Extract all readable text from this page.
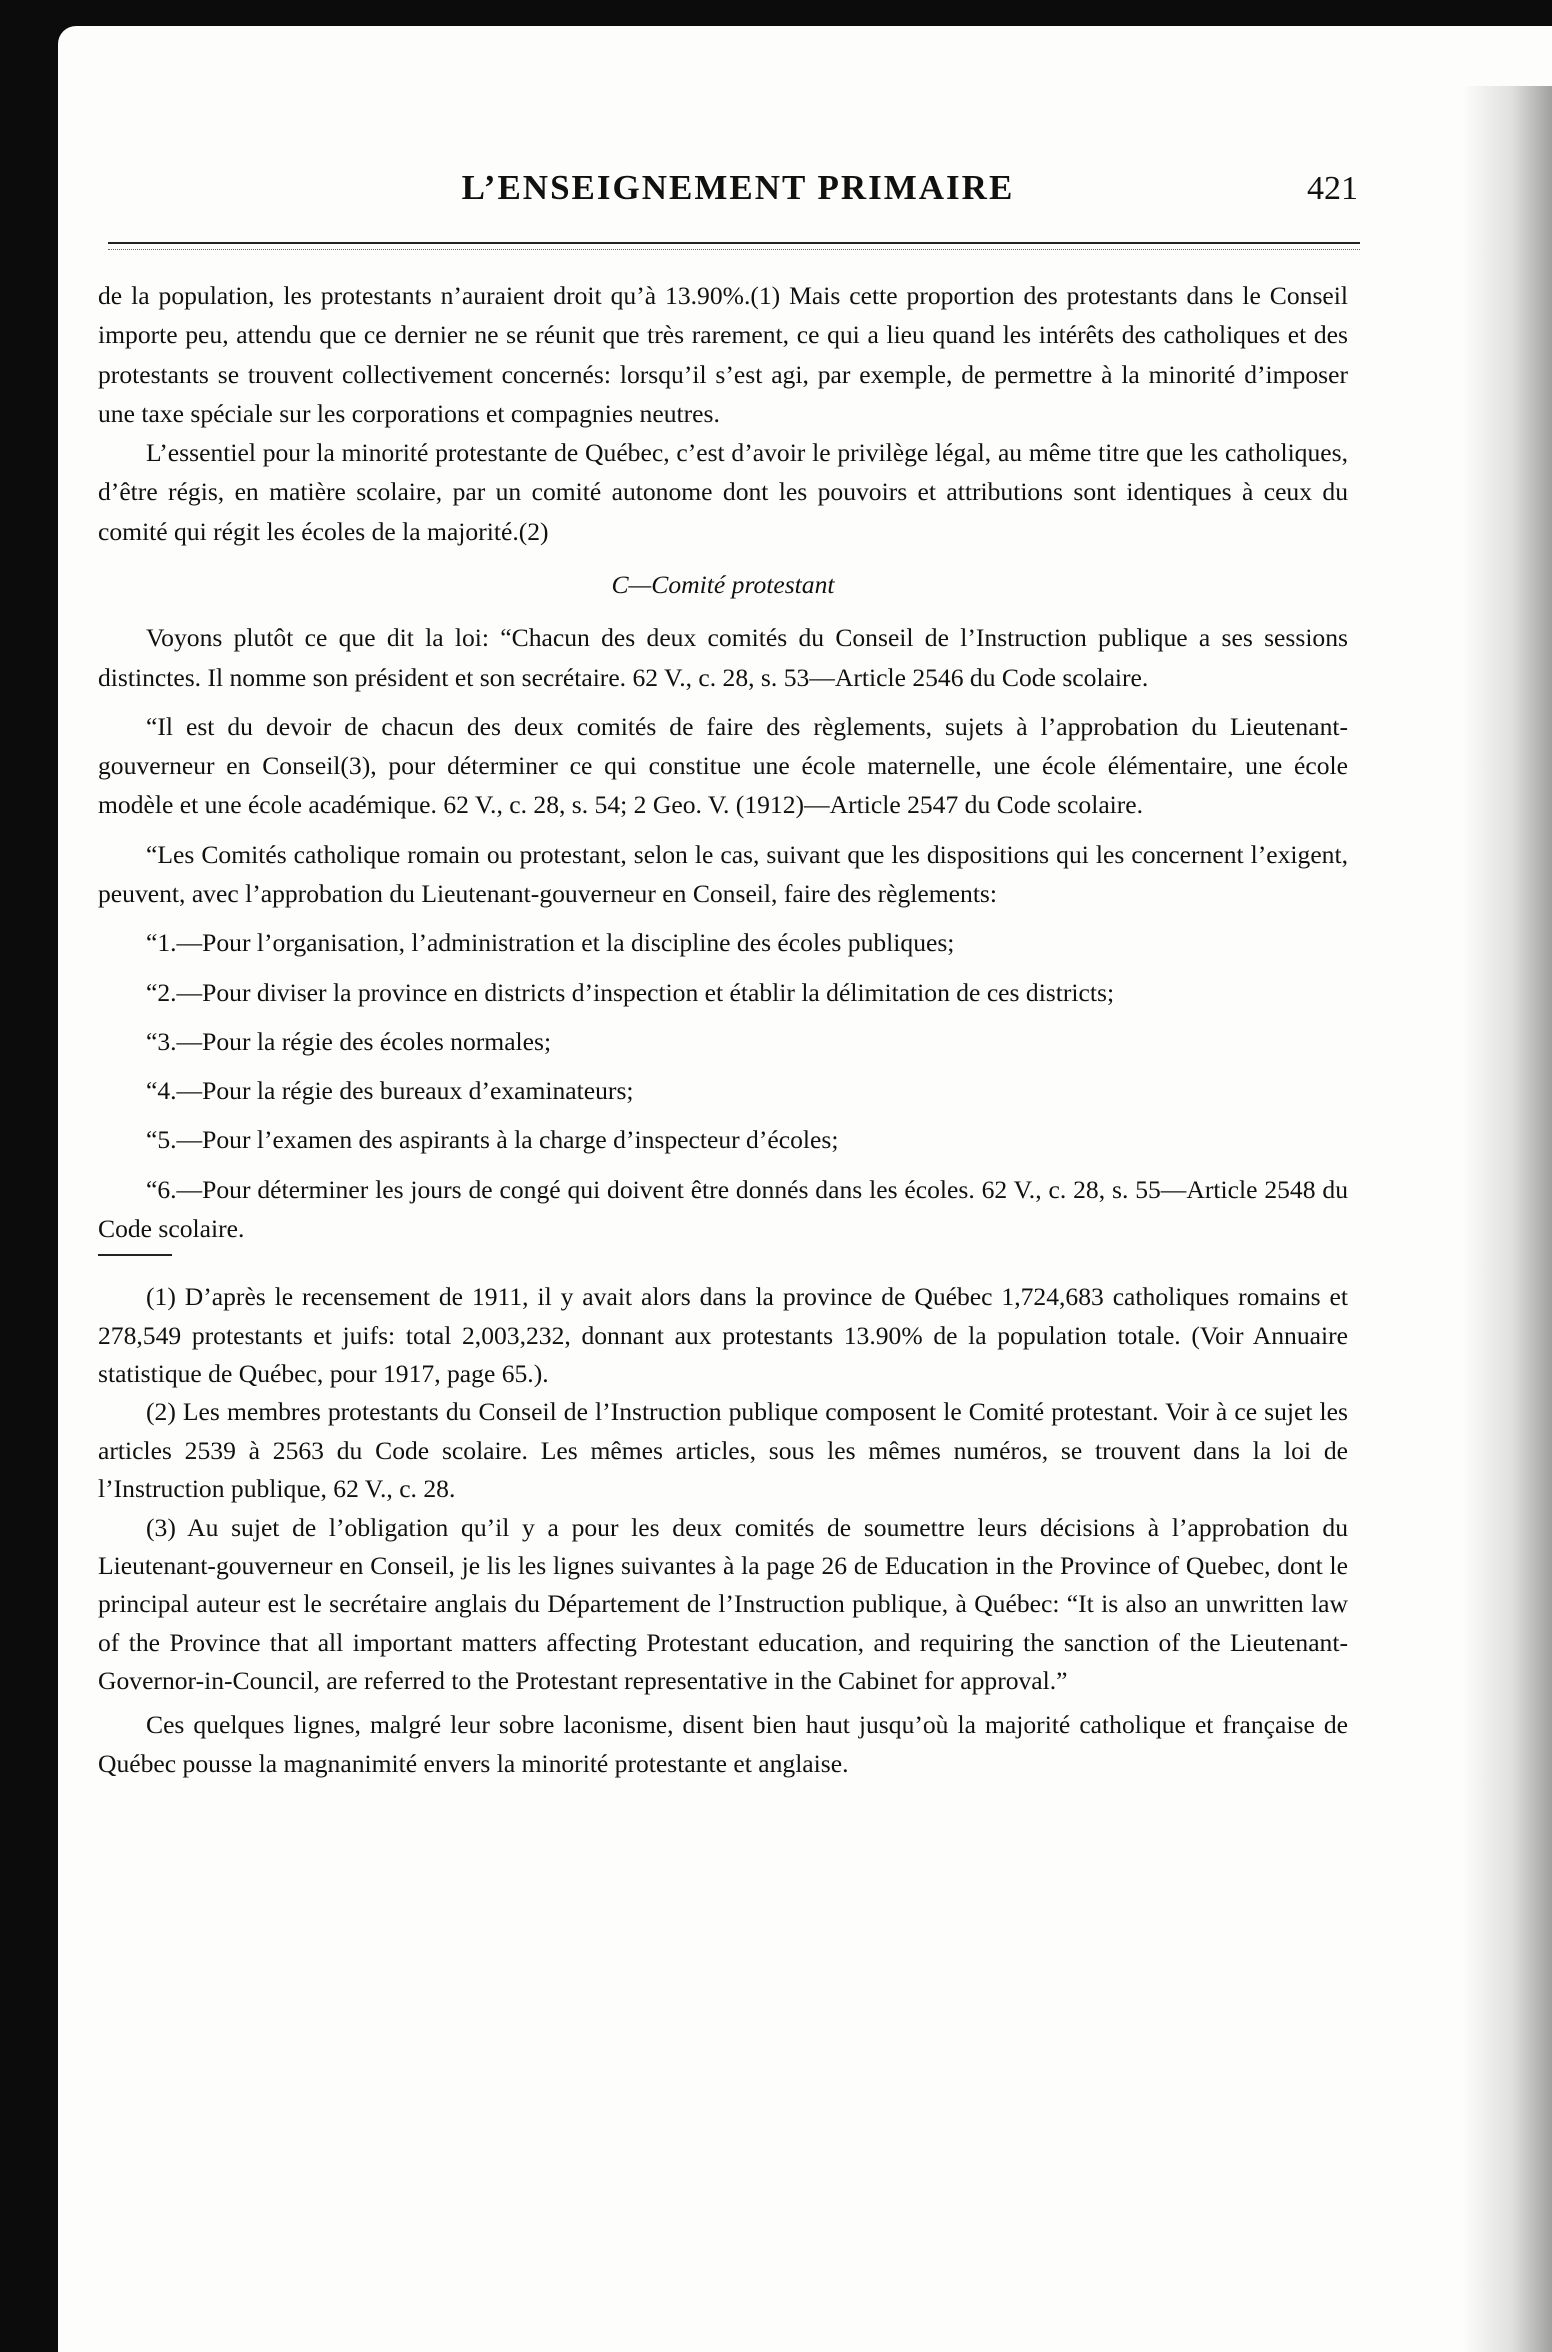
L’ENSEIGNEMENT PRIMAIRE	421

de la population, les protestants n’auraient droit qu’à 13.90%.(1) Mais cette proportion des protestants dans le Conseil importe peu, attendu que ce dernier ne se réunit que très rarement, ce qui a lieu quand les intérêts des catholiques et des protestants se trouvent collectivement concernés: lorsqu’il s’est agi, par exemple, de permettre à la minorité d’imposer une taxe spéciale sur les corporations et compagnies neutres.

L’essentiel pour la minorité protestante de Québec, c’est d’avoir le privilège légal, au même titre que les catholiques, d’être régis, en matière scolaire, par un comité autonome dont les pouvoirs et attributions sont identiques à ceux du comité qui régit les écoles de la majorité.(2)

C—Comité protestant

Voyons plutôt ce que dit la loi: “Chacun des deux comités du Conseil de l’Instruction publique a ses sessions distinctes. Il nomme son président et son secrétaire. 62 V., c. 28, s. 53—Article 2546 du Code scolaire.

“Il est du devoir de chacun des deux comités de faire des règlements, sujets à l’approbation du Lieutenant-gouverneur en Conseil(3), pour déterminer ce qui constitue une école maternelle, une école élémentaire, une école modèle et une école académique. 62 V., c. 28, s. 54; 2 Geo. V. (1912)—Article 2547 du Code scolaire.

“Les Comités catholique romain ou protestant, selon le cas, suivant que les dispositions qui les concernent l’exigent, peuvent, avec l’approbation du Lieutenant-gouverneur en Conseil, faire des règlements:

“1.—Pour l’organisation, l’administration et la discipline des écoles publiques;

“2.—Pour diviser la province en districts d’inspection et établir la délimitation de ces districts;

“3.—Pour la régie des écoles normales;

“4.—Pour la régie des bureaux d’examinateurs;

“5.—Pour l’examen des aspirants à la charge d’inspecteur d’écoles;

“6.—Pour déterminer les jours de congé qui doivent être donnés dans les écoles. 62 V., c. 28, s. 55—Article 2548 du Code scolaire.

(1) D’après le recensement de 1911, il y avait alors dans la province de Québec 1,724,683 catholiques romains et 278,549 protestants et juifs: total 2,003,232, donnant aux protestants 13.90% de la population totale. (Voir Annuaire statistique de Québec, pour 1917, page 65.).

(2) Les membres protestants du Conseil de l’Instruction publique composent le Comité protestant. Voir à ce sujet les articles 2539 à 2563 du Code scolaire. Les mêmes articles, sous les mêmes numéros, se trouvent dans la loi de l’Instruction publique, 62 V., c. 28.

(3) Au sujet de l’obligation qu’il y a pour les deux comités de soumettre leurs décisions à l’approbation du Lieutenant-gouverneur en Conseil, je lis les lignes suivantes à la page 26 de Education in the Province of Quebec, dont le principal auteur est le secrétaire anglais du Département de l’Instruction publique, à Québec: “It is also an unwritten law of the Province that all important matters affecting Protestant education, and requiring the sanction of the Lieutenant-Governor-in-Council, are referred to the Protestant representative in the Cabinet for approval.”

Ces quelques lignes, malgré leur sobre laconisme, disent bien haut jusqu’où la majorité catholique et française de Québec pousse la magnanimité envers la minorité protestante et anglaise.
